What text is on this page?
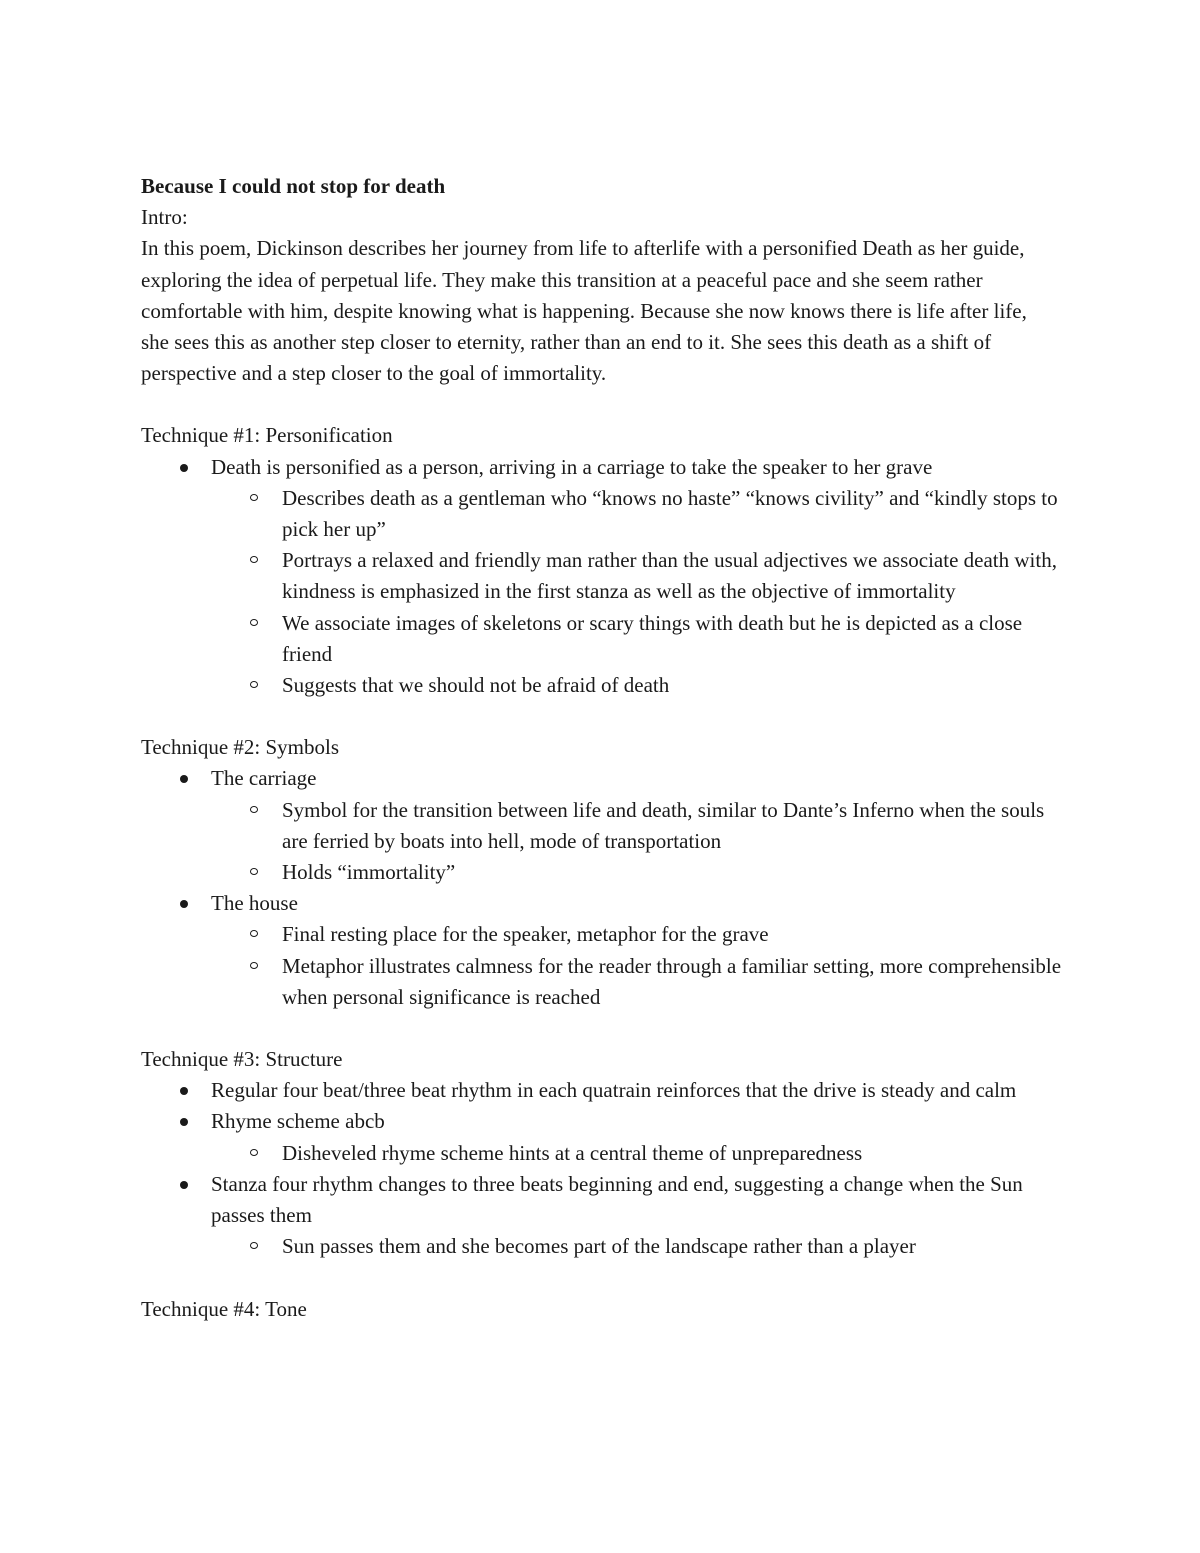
Because I could not stop for death

Intro:

In this poem, Dickinson describes her journey from life to afterlife with a personified Death as her guide, exploring the idea of perpetual life. They make this transition at a peaceful pace and she seem rather comfortable with him, despite knowing what is happening. Because she now knows there is life after life, she sees this as another step closer to eternity, rather than an end to it. She sees this death as a shift of perspective and a step closer to the goal of immortality.

Technique #1: Personification

Death is personified as a person, arriving in a carriage to take the speaker to her grave
Describes death as a gentleman who “knows no haste” “knows civility” and “kindly stops to pick her up”
Portrays a relaxed and friendly man rather than the usual adjectives we associate death with, kindness is emphasized in the first stanza as well as the objective of immortality
We associate images of skeletons or scary things with death but he is depicted as a close friend
Suggests that we should not be afraid of death

Technique #2: Symbols

The carriage
Symbol for the transition between life and death, similar to Dante’s Inferno when the souls are ferried by boats into hell, mode of transportation
Holds “immortality”
The house
Final resting place for the speaker, metaphor for the grave
Metaphor illustrates calmness for the reader through a familiar setting, more comprehensible when personal significance is reached

Technique #3: Structure

Regular four beat/three beat rhythm in each quatrain reinforces that the drive is steady and calm
Rhyme scheme abcb
Disheveled rhyme scheme hints at a central theme of unpreparedness
Stanza four rhythm changes to three beats beginning and end, suggesting a change when the Sun passes them
Sun passes them and she becomes part of the landscape rather than a player

Technique #4: Tone
